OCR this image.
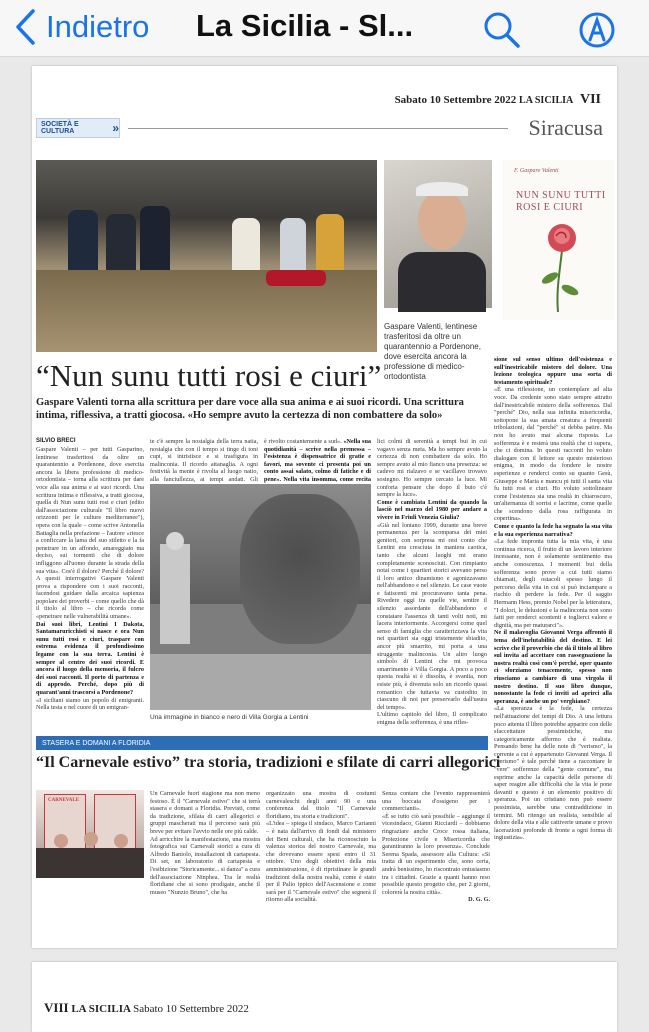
Indietro La Sicilia - Sl...
Sabato 10 Settembre 2022 LA SICILIA VII
SOCIETÀ E CULTURA	»	Siracusa
F. Gaspare Valenti
NUN SUNU TUTTI
ROSI E CIURI
Gaspare Valenti, lentinese trasferitosi da oltre un quarantennio a Pordenone, dove esercita ancora la professione di medico-ortodontista
“Nun sunu tutti rosi e ciuri”
Gaspare Valenti torna alla scrittura per dare voce alla sua anima e ai suoi ricordi. Una scrittura intima, riflessiva, a tratti giocosa. «Ho sempre avuto la certezza di non combattere da solo»
SILVIO BRECI
Gaspare Valenti – per tutti Gasparino, lentinese trasferitosi da oltre un quarantennio a Pordenone, dove esercita ancora la libera professione di medico-ortodontista – torna alla scrittura per dare voce alla sua anima e ai suoi ricordi. Una scrittura intima e riflessiva, a tratti giocosa, quella di Nun sunu tutti rosi e ciuri (edito dall'associazione culturale "Il libro nuovi orizzonti per le culture mediterranee"), opera con la quale – come scrive Antonella Battaglia nella prefazione – l'autore «riesce a conficcare la lama del suo stiletto e la fa penetrare in un affondo, amareggiato ma deciso, sui tormenti che di dolore infliggono all'uomo durante la strada della sua vita». Cos'è il dolore? Perché il dolore? A questi interrogativi Gaspare Valenti prova a rispondere con i suoi racconti, facendosi guidare dalla arcaica sapienza popolare dei proverbi – come quello che dà il titolo al libro – che ricorda come «penetrare nelle vulnerabilità umane».
Dai suoi libri, Lentini I Dakota, Santamaruricchisti si nasce e ora Nun sunu tutti rosi e ciuri, traspare con estrema evidenza il profondissimo legame con la sua terra. Lentini è sempre al centro dei suoi ricordi. E ancora il luogo della memoria, il fulcro dei suoi racconti. Il porto di partenza e di approdo. Perché, dopo più di quarant'anni trascorsi a Pordenone?
«I siciliani siamo un popolo di emigranti. Nella testa e nel cuore di un emigran-
te c'è sempre la nostalgia della terra natia, nostalgia che con il tempo si tinge di toni cupi, si intristisce e si trasfigura in malinconia. Il ricordo attanaglia. A ogni festività la mente è rivolta al luogo natio, alla fanciullezza, ai tempi andati. Gli
è rivolto costantemente a sud». «Nella sua quotidianità – scrive nella premessa – l'esistenza è dispensatrice di gratie e favori, ma sovente ci presenta poi un conto assai salato, colmo di fatiche e di pene». Nella vita insomma, come recita
Una immagine in bianco e nero di Villa Gorgia a Lentini
lici colmi di serenità a tempi bui in cui vagavo senza meta. Ma ho sempre avuto la certezza di non combattere da solo. Ho sempre avuto al mio fianco una presenza: se cadevo mi rialzavo e se vacillavo trovavo sostegno. Ho sempre cercato la luce. Mi conforta pensare che dopo il buio c'è sempre la luce».
Come è cambiata Lentini da quando la lasciò nel marzo del 1980 per andare a vivere in Friuli Venezia Giulia?
«Già nel lontano 1999, durante una breve permanenza per la scomparsa dei miei genitori, con sorpresa mi resi conto che Lentini era cresciuta in maniera caotica, tanto che alcuni luoghi mi erano completamente sconosciuti. Con rimpianto notai come i quartieri storici avevano perso il loro antico dinamismo e agonizzavano nell'abbandono e nel silenzio. Le case vuote e fatiscenti mi procuravano tanta pena. Rivedere oggi tra quelle vie, sentire il silenzio assordante dell'abbandono e constatare l'assenza di tanti volti noti, mi lacera interiormente. Accorgersi come quel senso di famiglia che caratterizzava la vita nei quartieri sia oggi tristemente sbiadito, ancor più smarrito, mi porta a una struggente malinconia. Un altro luogo simbolo di Lentini che mi provoca smarrimento è Villa Gorgia. A poco a poco questa realtà si è dissolta, è svanita, non esiste più, è divenuta solo un ricordo quasi romantico che tuttavia va custodito in ciascuno di noi per preservarlo dall'usura del tempo».
L'ultimo capitolo del libro, Il complicato enigma della sofferenza, è una rifles-
sione sul senso ultimo dell'esistenza e sull'inestricabile mistero del dolore. Una lezione teologica oppure una sorta di testamento spirituale?
«È una riflessione, un contemplare ad alta voce. Da credente sono stato sempre attratto dall'inestricabile mistero della sofferenza. Dal "perché" Dio, nella sua infinita misericordia, sottopone la sua amata creatura a frequenti tribolazioni, dal "perché" si debba patire. Ma non ho avuto mai alcuna risposta. La sofferenza è e resterà una realtà che ci supera, che ci domina. In questi racconti ho voluto dialogare con il lettore su questo misterioso enigma, in modo da fondere le nostre esperienze e renderci conto su quanto Gesù, Giuseppe e Maria e mancu pi tutti il santa vita fu tutti rosi e ciuri. Ho voluto sottolineare come l'esistenza sia una realtà in chiaroscuro, un'alternanza di sorrisi e lacrime, come quelle che scendono dalla rosa raffigurata in copertina».
Come e quanto la fede ha segnato la sua vita e la sua esperienza narrativa?
«La fede impronta tutta la mia vita, è una continua ricerca, il frutto di un lavoro interiore incessante, non è solamente sentimento ma anche conoscenza. I momenti bui della sofferenza sono prove a cui tutti siamo chiamati, degli ostacoli spesso lungo il percorso della vita in cui si può inciampare a rischio di perdere la fede. Per il saggio Hermann Hess, premio Nobel per la letteratura, "I dolori, le delusioni e la malinconia non sono fatti per renderci scontenti e toglierci valore e dignità, ma per maturarci"».
Ne il malavoglia Giovanni Verga affrontò il tema dell'inelutabilità del destino. E lei scrive che il proverbio che dà il titolo al libro sul invita ad accettare con rassegnazione la nostra realtà così com'è perché, oper quanto ci sforziamo tenacemente, spesso non riusciamo a cambiare di una virgola il nostro destino. Il suo libro dunque, nonostante la fede ci inviti ad aprirci alla speranza, è anche un po' verghiano?
«La speranza è la fede, la certezza nell'attuazione dei tempi di Dio. A una lettura poco attenta il libro potrebbe apparire con delle sfaccettature pessimistiche, ma categoricamente affermo che è realista. Pensando bene ha delle note di "verismo", la corrente a cui è appartenuto Giovanni Verga. Il "verismo" è tale perché tiene a raccontare le "vere" sofferenze della "gente comune", ma esprime anche la capacità delle persone di saper reagire alle difficoltà che la vita le pone davanti e questo è un elemento positivo di speranza. Poi un cristiano non può essere pessimista, sarebbe una contraddizione in termini. Mi ritengo un realista, sensibile al dolore della vita e alle cattiverie umane e provo lacerazioni profonde di fronte a ogni forma di ingiustizia».
STASERA E DOMANI A FLORIDIA
“Il Carnevale estivo” tra storia, tradizioni e sfilate di carri allegorici
CARNEVALE
Un Carnevale fuori stagione ma non meno festoso. È il "Carnevale estivo" che si terrà stasera e domani a Floridia. Previsti, come da tradizione, sfilata di carri allegorici e gruppi mascherati ma il percorso sarà più breve per evitare l'avvio nelle ore più calde.
Ad arricchire la manifestazione, una mostra fotografica sui Carnevali storici a cura di Alfredo Baniolo, installazioni di cartapesta. Di set, un laboratorio di cartapesta e l'esibizione "Storicamente... si danza" a cura dell'associazione Ninphea. Tra le realtà floridiane che si sono prodigate, anche il museo "Nunzio Bruno", che ha
organizzato una mostra di costumi carnevaleschi degli anni 90 e una conferenza dal titolo "Il Carnevale floridiano, tra storia e tradizioni".
«L'idea – spiega il sindaco, Marco Carianni – è nata dall'arrivo di fondi dal ministero dei Beni culturali, che ha riconosciuto la valenza storica del nostro Carnevale, ma che dovevano essere spesi entro il 31 ottobre. Uno degli obiettivi della mia amministrazione, è di ripristinare le grandi tradizioni della nostra realtà, come è stato per il Palio ippico dell'Ascensione e come sarà per il "Carnevale estivo" che segnerà il ritorno alla socialità.
Senza contare che l'evento rappresenterà una boccata d'ossigeno per i commercianti».
«È se tutto ciò sarà possibile – aggiunge il vicesindaco, Gianni Ricciardi – dobbiamo ringraziare anche Croce rossa italiana, Protezione civile e Misericordia che garantiranno la loro presenza». Conclude Serena Spada, assessore alla Cultura: «Si tratta di un esperimento che, sono certa, andrà benissimo, ho riscontrato entusiasmo tra i cittadini. Grazie a quanti hanno reso possibile questo progetto che, per 2 giorni, colorerà la nostra città».
D. G. G.
VIII LA SICILIA Sabato 10 Settembre 2022
